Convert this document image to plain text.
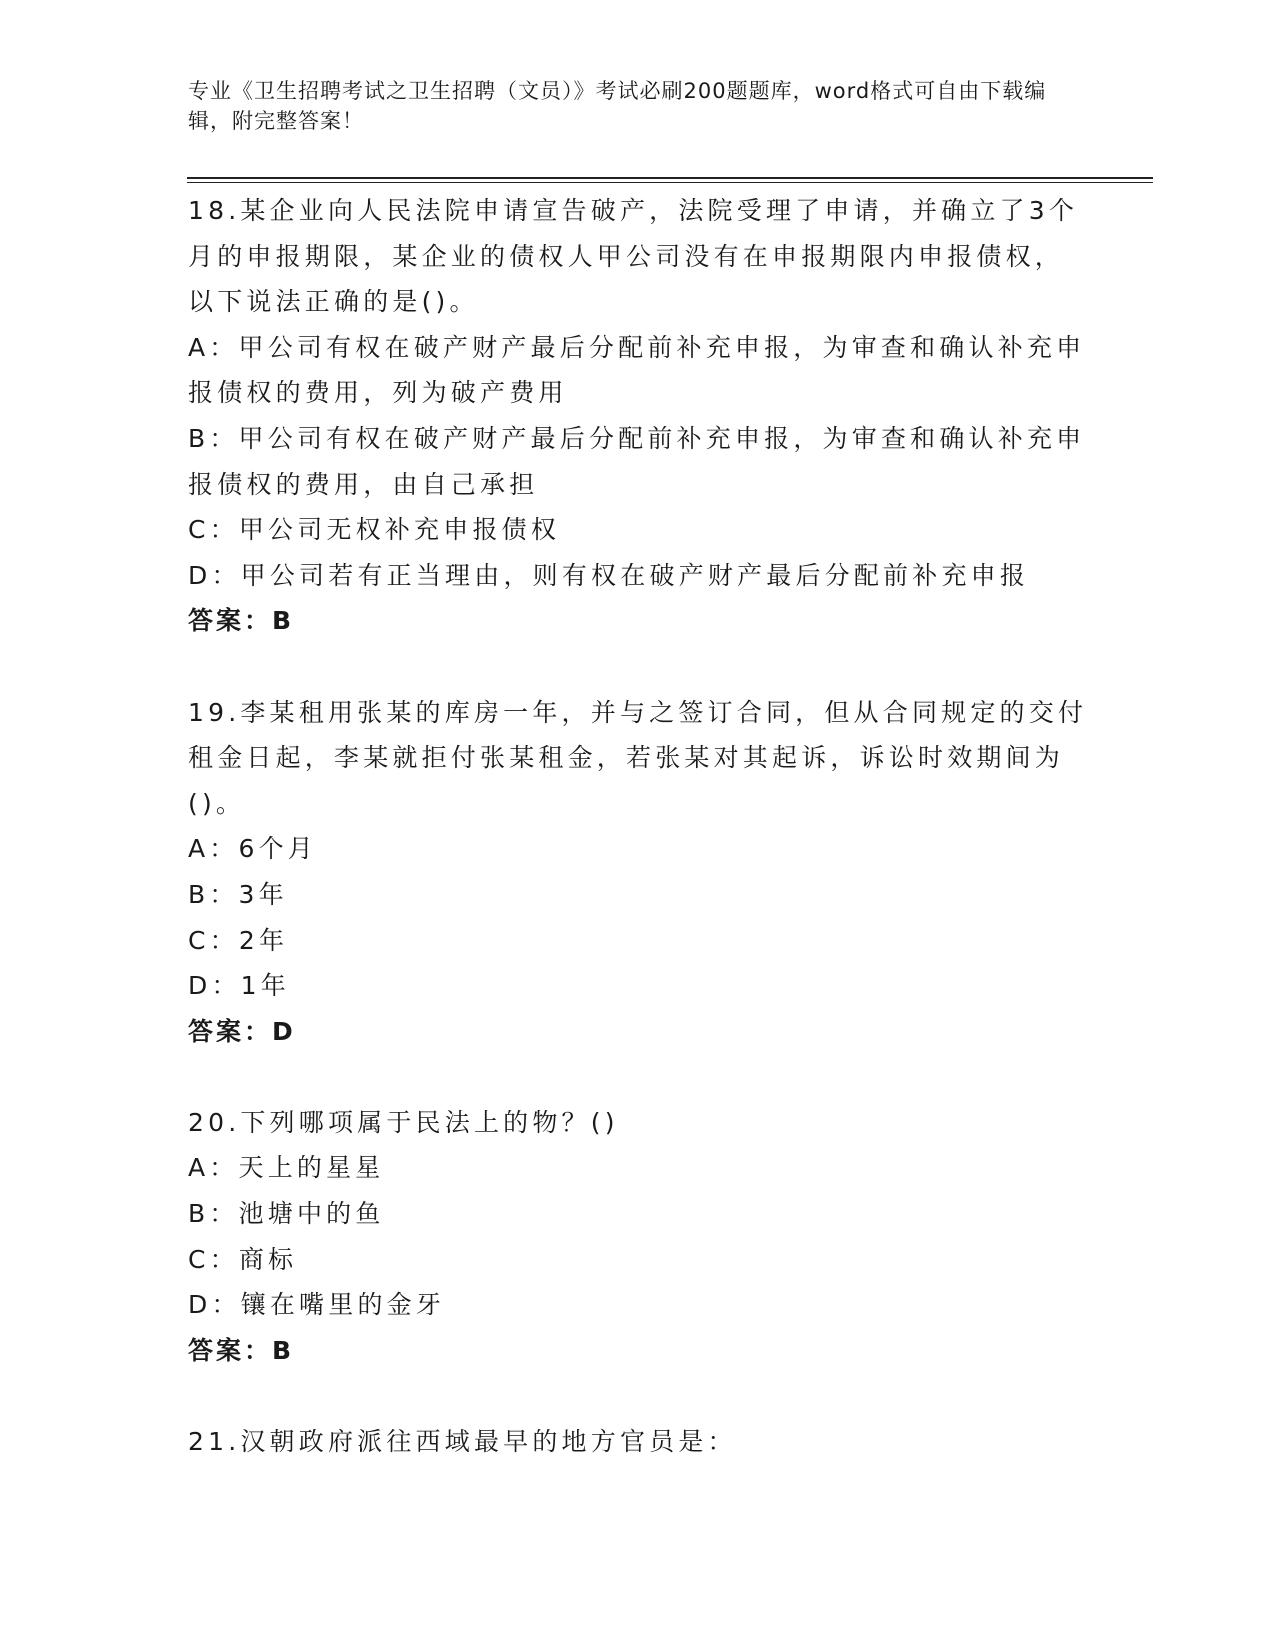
专业《卫生招聘考试之卫生招聘（文员）》考试必刷200题题库，word格式可自由下载编辑，附完整答案！

18.某企业向人民法院申请宣告破产，法院受理了申请，并确立了3个月的申报期限，某企业的债权人甲公司没有在申报期限内申报债权，以下说法正确的是()。

A：甲公司有权在破产财产最后分配前补充申报，为审查和确认补充申报债权的费用，列为破产费用

B：甲公司有权在破产财产最后分配前补充申报，为审查和确认补充申报债权的费用，由自己承担

C：甲公司无权补充申报债权

D：甲公司若有正当理由，则有权在破产财产最后分配前补充申报

答案：B

19.李某租用张某的库房一年，并与之签订合同，但从合同规定的交付租金日起，李某就拒付张某租金，若张某对其起诉，诉讼时效期间为()。

A：6个月

B：3年

C：2年

D：1年

答案：D

20.下列哪项属于民法上的物？()

A：天上的星星

B：池塘中的鱼

C：商标

D：镶在嘴里的金牙

答案：B

21.汉朝政府派往西域最早的地方官员是：
